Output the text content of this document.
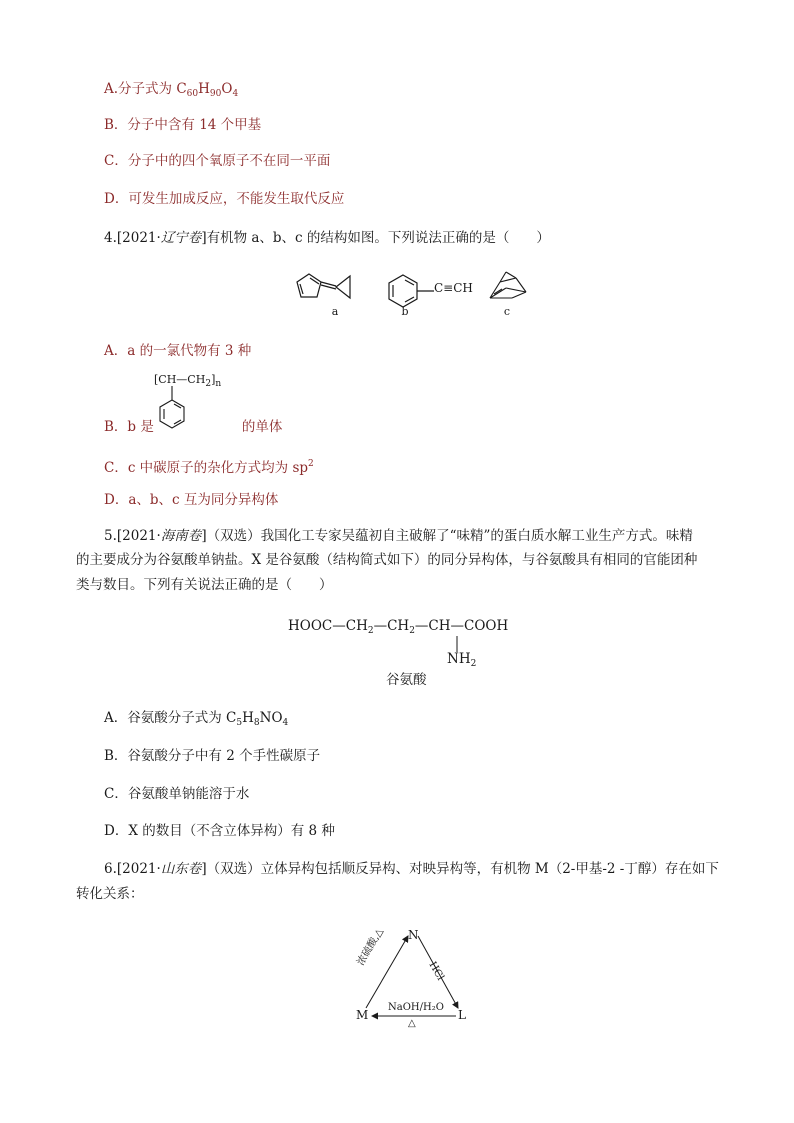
A.分子式为 $C_{60}H_{90}O_4$
B．分子中含有 14 个甲基
C．分子中的四个氧原子不在同一平面
D．可发生加成反应，不能发生取代反应
4.[2021·辽宁卷]有机物 a、b、c 的结构如图。下列说法正确的是（　　）
a
C≡CH
b	c
A．a 的一氯代物有 3 种
$[CH—CH_2]_n$
B．b 是	的单体
C．c 中碳原子的杂化方式均为 $sp^2$
D．a、b、c 互为同分异构体
5.[2021·海南卷]（双选）我国化工专家吴蕴初自主破解了“味精”的蛋白质水解工业生产方式。味精
的主要成分为谷氨酸单钠盐。X 是谷氨酸（结构简式如下）的同分异构体，与谷氨酸具有相同的官能团种
类与数目。下列有关说法正确的是（　　）
$HOOC—CH_2—CH_2—CH—COOH$
$NH_2$
谷氨酸
A．谷氨酸分子式为 $C_5H_8NO_4$
B．谷氨酸分子中有 2 个手性碳原子
C．谷氨酸单钠能溶于水
D．X 的数目（不含立体异构）有 8 种
6.[2021·山东卷]（双选）立体异构包括顺反异构、对映异构等，有机物 M（2-甲基-2 -丁醇）存在如下
转化关系：
N
M	L
浓硫酸,△
HCl
NaOH/H₂O
△
